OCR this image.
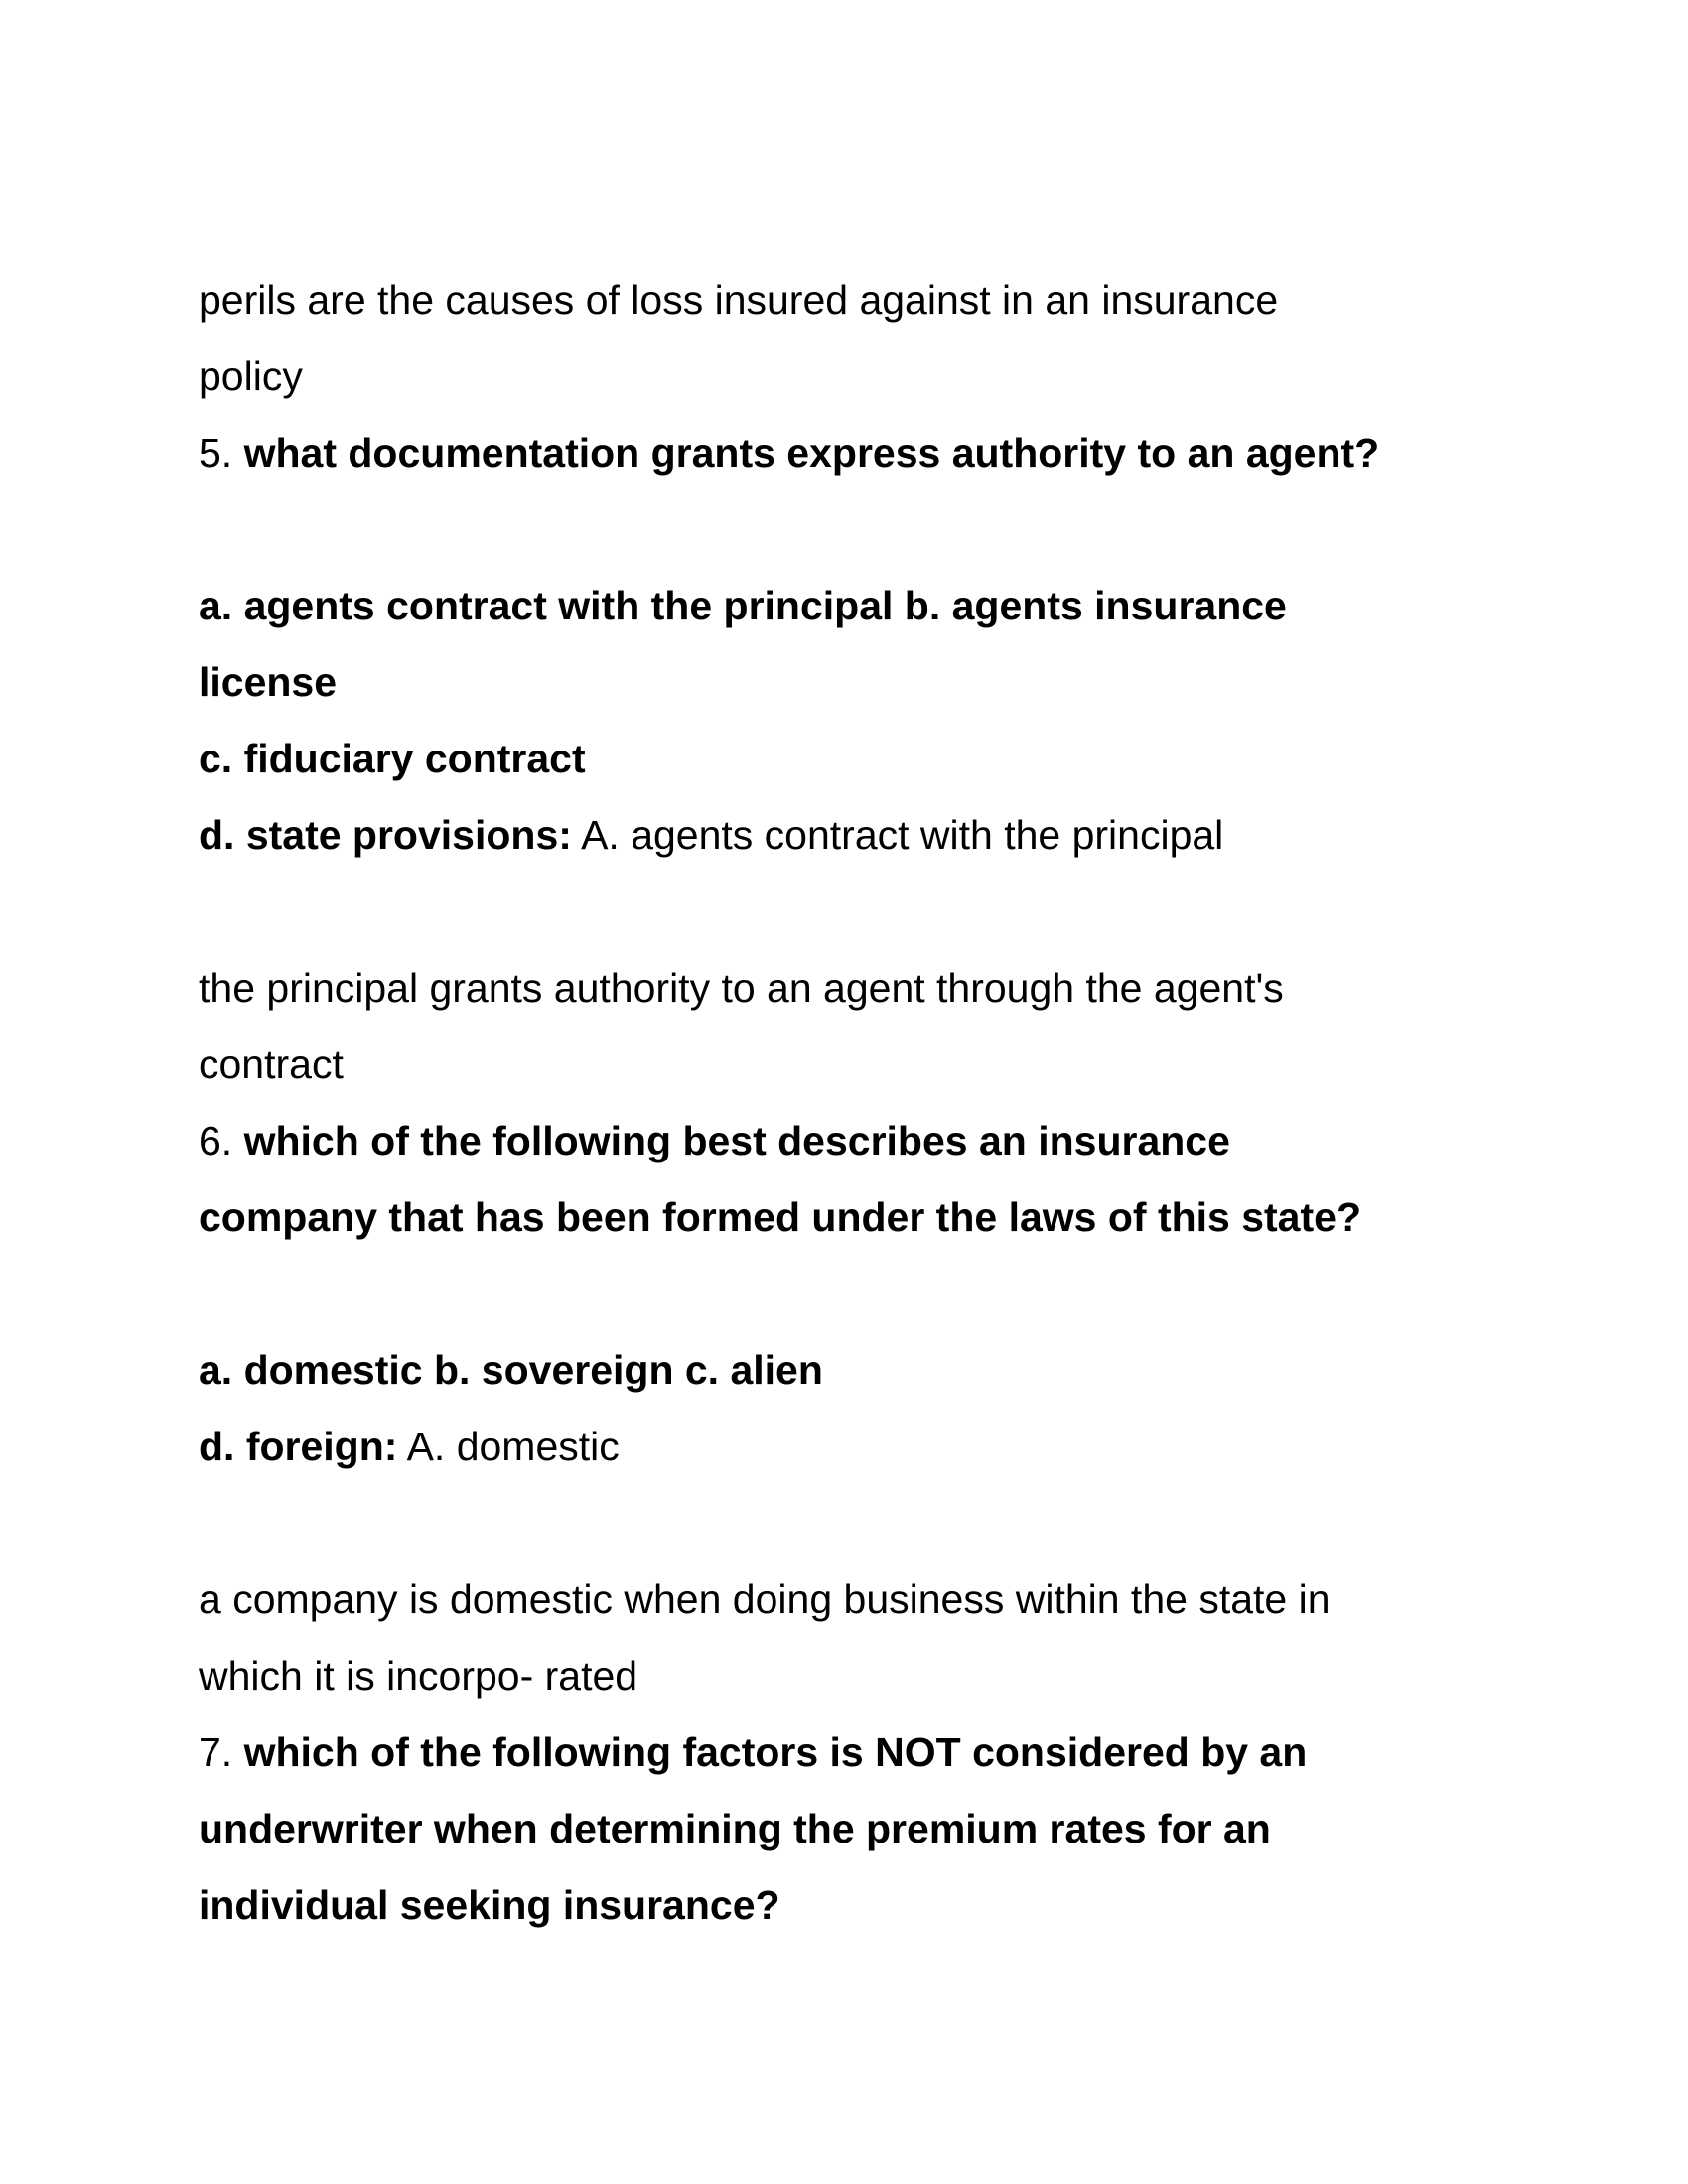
perils are the causes of loss insured against in an insurance
policy
5. what documentation grants express authority to an agent?
a. agents contract with the principal b. agents insurance
license
c. fiduciary contract
d. state provisions: A. agents contract with the principal
the principal grants authority to an agent through the agent's
contract
6. which of the following best describes an insurance
company that has been formed under the laws of this state?
a. domestic b. sovereign c. alien
d. foreign: A. domestic
a company is domestic when doing business within the state in
which it is incorpo- rated
7. which of the following factors is NOT considered by an
underwriter when determining the premium rates for an
individual seeking insurance?
